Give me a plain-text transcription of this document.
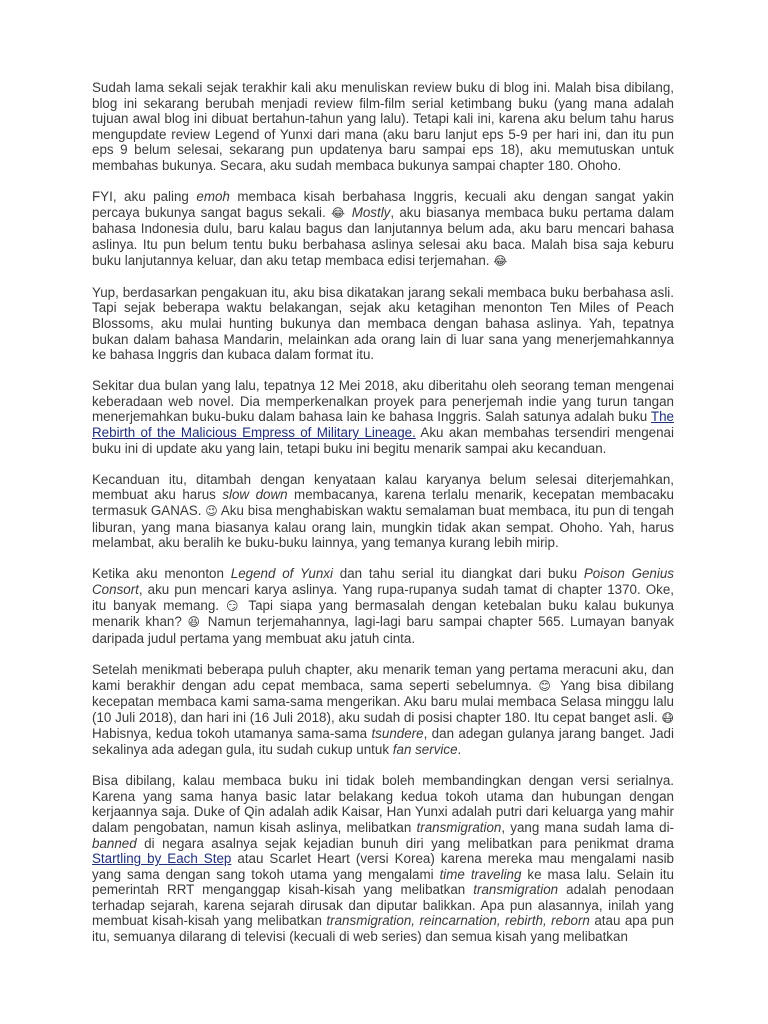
Sudah lama sekali sejak terakhir kali aku menuliskan review buku di blog ini. Malah bisa dibilang, blog ini sekarang berubah menjadi review film-film serial ketimbang buku (yang mana adalah tujuan awal blog ini dibuat bertahun-tahun yang lalu). Tetapi kali ini, karena aku belum tahu harus mengupdate review Legend of Yunxi dari mana (aku baru lanjut eps 5-9 per hari ini, dan itu pun eps 9 belum selesai, sekarang pun updatenya baru sampai eps 18), aku memutuskan untuk membahas bukunya. Secara, aku sudah membaca bukunya sampai chapter 180. Ohoho.

FYI, aku paling emoh membaca kisah berbahasa Inggris, kecuali aku dengan sangat yakin percaya bukunya sangat bagus sekali. 😂 Mostly, aku biasanya membaca buku pertama dalam bahasa Indonesia dulu, baru kalau bagus dan lanjutannya belum ada, aku baru mencari bahasa aslinya. Itu pun belum tentu buku berbahasa aslinya selesai aku baca. Malah bisa saja keburu buku lanjutannya keluar, dan aku tetap membaca edisi terjemahan. 😂

Yup, berdasarkan pengakuan itu, aku bisa dikatakan jarang sekali membaca buku berbahasa asli. Tapi sejak beberapa waktu belakangan, sejak aku ketagihan menonton Ten Miles of Peach Blossoms, aku mulai hunting bukunya dan membaca dengan bahasa aslinya. Yah, tepatnya bukan dalam bahasa Mandarin, melainkan ada orang lain di luar sana yang menerjemahkannya ke bahasa Inggris dan kubaca dalam format itu.

Sekitar dua bulan yang lalu, tepatnya 12 Mei 2018, aku diberitahu oleh seorang teman mengenai keberadaan web novel. Dia memperkenalkan proyek para penerjemah indie yang turun tangan menerjemahkan buku-buku dalam bahasa lain ke bahasa Inggris. Salah satunya adalah buku The Rebirth of the Malicious Empress of Military Lineage. Aku akan membahas tersendiri mengenai buku ini di update aku yang lain, tetapi buku ini begitu menarik sampai aku kecanduan.

Kecanduan itu, ditambah dengan kenyataan kalau karyanya belum selesai diterjemahkan, membuat aku harus slow down membacanya, karena terlalu menarik, kecepatan membacaku termasuk GANAS. 😉 Aku bisa menghabiskan waktu semalaman buat membaca, itu pun di tengah liburan, yang mana biasanya kalau orang lain, mungkin tidak akan sempat. Ohoho. Yah, harus melambat, aku beralih ke buku-buku lainnya, yang temanya kurang lebih mirip.

Ketika aku menonton Legend of Yunxi dan tahu serial itu diangkat dari buku Poison Genius Consort, aku pun mencari karya aslinya. Yang rupa-rupanya sudah tamat di chapter 1370. Oke, itu banyak memang. 😏 Tapi siapa yang bermasalah dengan ketebalan buku kalau bukunya menarik khan? 😆 Namun terjemahannya, lagi-lagi baru sampai chapter 565. Lumayan banyak daripada judul pertama yang membuat aku jatuh cinta.

Setelah menikmati beberapa puluh chapter, aku menarik teman yang pertama meracuni aku, dan kami berakhir dengan adu cepat membaca, sama seperti sebelumnya. 😊 Yang bisa dibilang kecepatan membaca kami sama-sama mengerikan. Aku baru mulai membaca Selasa minggu lalu (10 Juli 2018), dan hari ini (16 Juli 2018), aku sudah di posisi chapter 180. Itu cepat banget asli. 😷 Habisnya, kedua tokoh utamanya sama-sama tsundere, dan adegan gulanya jarang banget. Jadi sekalinya ada adegan gula, itu sudah cukup untuk fan service.

Bisa dibilang, kalau membaca buku ini tidak boleh membandingkan dengan versi serialnya. Karena yang sama hanya basic latar belakang kedua tokoh utama dan hubungan dengan kerjaannya saja. Duke of Qin adalah adik Kaisar, Han Yunxi adalah putri dari keluarga yang mahir dalam pengobatan, namun kisah aslinya, melibatkan transmigration, yang mana sudah lama di-banned di negara asalnya sejak kejadian bunuh diri yang melibatkan para penikmat drama Startling by Each Step atau Scarlet Heart (versi Korea) karena mereka mau mengalami nasib yang sama dengan sang tokoh utama yang mengalami time traveling ke masa lalu. Selain itu pemerintah RRT menganggap kisah-kisah yang melibatkan transmigration adalah penodaan terhadap sejarah, karena sejarah dirusak dan diputar balikkan. Apa pun alasannya, inilah yang membuat kisah-kisah yang melibatkan transmigration, reincarnation, rebirth, reborn atau apa pun itu, semuanya dilarang di televisi (kecuali di web series) dan semua kisah yang melibatkan
